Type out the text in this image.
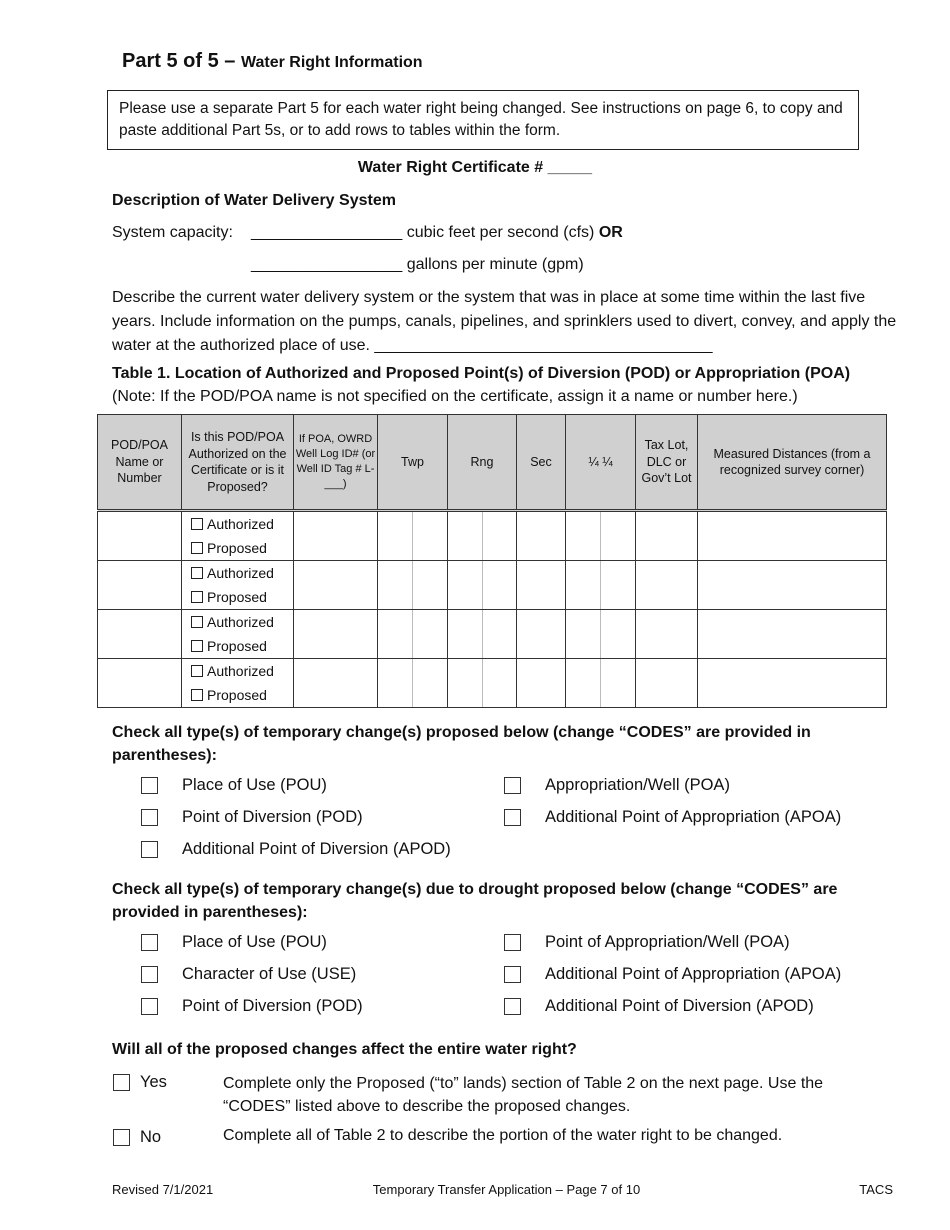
Part 5 of 5 – Water Right Information
Please use a separate Part 5 for each water right being changed. See instructions on page 6, to copy and paste additional Part 5s, or to add rows to tables within the form.
Water Right Certificate # _____
Description of Water Delivery System
System capacity: _________________ cubic feet per second (cfs) OR
_________________ gallons per minute (gpm)
Describe the current water delivery system or the system that was in place at some time within the last five years. Include information on the pumps, canals, pipelines, and sprinklers used to divert, convey, and apply the water at the authorized place of use. ______________________________________
Table 1. Location of Authorized and Proposed Point(s) of Diversion (POD) or Appropriation (POA)
(Note: If the POD/POA name is not specified on the certificate, assign it a name or number here.)
POD/POA Name or Number	Is this POD/POA Authorized on the Certificate or is it Proposed?	If POA, OWRD Well Log ID# (or Well ID Tag # L-___)	Twp		Rng		Sec	¼ ¼		Tax Lot, DLC or Gov’t Lot	Measured Distances (from a recognized survey corner)

	Authorized
Proposed										

	Authorized
Proposed										

	Authorized
Proposed										

	Authorized
Proposed										

Check all type(s) of temporary change(s) proposed below (change “CODES” are provided in parentheses):
Place of Use (POU)
Point of Diversion (POD)
Additional Point of Diversion (APOD)
Appropriation/Well (POA)
Additional Point of Appropriation (APOA)
Check all type(s) of temporary change(s) due to drought proposed below (change “CODES” are provided in parentheses):
Place of Use (POU)
Character of Use (USE)
Point of Diversion (POD)
Point of Appropriation/Well (POA)
Additional Point of Appropriation (APOA)
Additional Point of Diversion (APOD)
Will all of the proposed changes affect the entire water right?
Yes	Complete only the Proposed (“to” lands) section of Table 2 on the next page. Use the “CODES” listed above to describe the proposed changes.
No	Complete all of Table 2 to describe the portion of the water right to be changed.
Revised 7/1/2021	Temporary Transfer Application – Page 7 of 10	TACS
